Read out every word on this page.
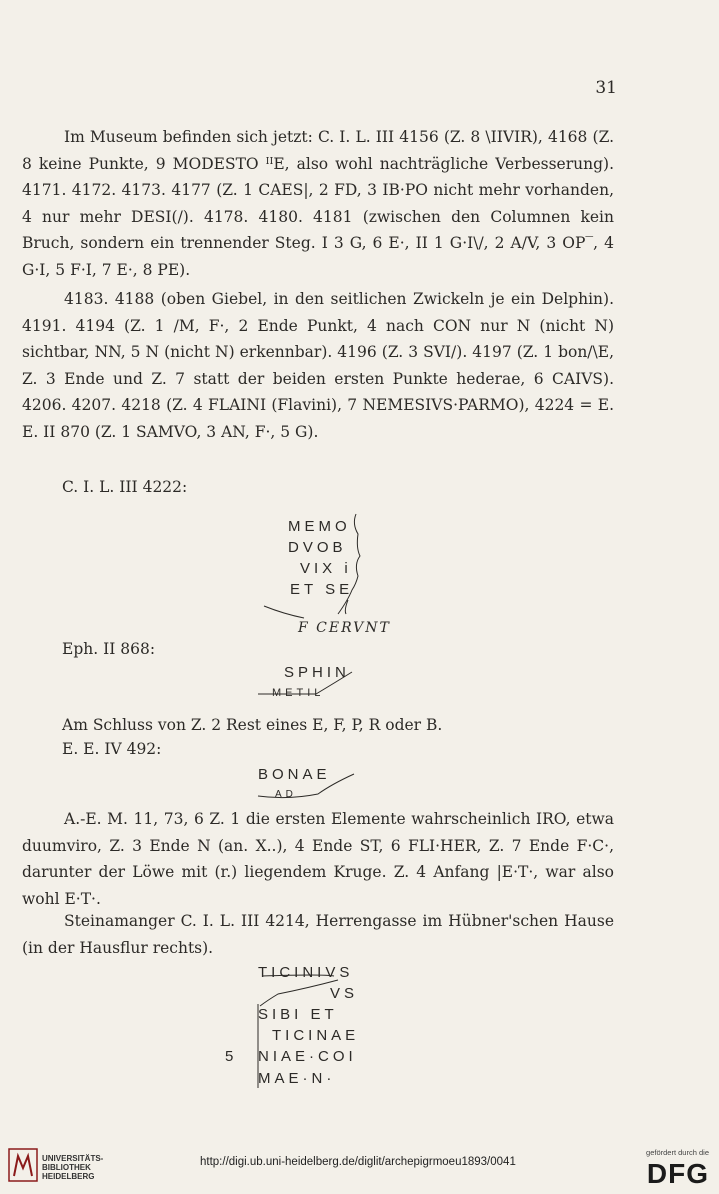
31
Im Museum befinden sich jetzt: C. I. L. III 4156 (Z. 8 \IIVIR), 4168 (Z. 8 keine Punkte, 9 MODESTO ᴵᴵE, also wohl nachträgliche Verbesserung). 4171. 4172. 4173. 4177 (Z. 1 CAES|, 2 FD, 3 IB·PO nicht mehr vorhanden, 4 nur mehr DESI(/). 4178. 4180. 4181 (zwischen den Columnen kein Bruch, sondern ein trennender Steg. I 3 G, 6 E·, II 1 G·I\/, 2 A/V, 3 OP‾, 4 G·I, 5 F·I, 7 E·, 8 PE).
4183. 4188 (oben Giebel, in den seitlichen Zwickeln je ein Delphin). 4191. 4194 (Z. 1 /M, F·, 2 Ende Punkt, 4 nach CON nur N (nicht N) sichtbar, NN, 5 N (nicht N) erkennbar). 4196 (Z. 3 SVI/). 4197 (Z. 1 bon/\E, Z. 3 Ende und Z. 7 statt der beiden ersten Punkte hederae, 6 CAIVS). 4206. 4207. 4218 (Z. 4 FLAINI (Flavini), 7 NEMESIVS·PARMO), 4224 = E. E. II 870 (Z. 1 SAMVO, 3 AN, F·, 5 G).
C. I. L. III 4222:
MEMO
DVOB
VIX i
ET SE
F CERVNT
Eph. II 868:
SPHIN
METIL
Am Schluss von Z. 2 Rest eines E, F, P, R oder B.
E. E. IV 492:
BONAE
AD
A.-E. M. 11, 73, 6 Z. 1 die ersten Elemente wahrscheinlich IRO, etwa duumviro, Z. 3 Ende N (an. X..), 4 Ende ST, 6 FLI·HER, Z. 7 Ende F·C·, darunter der Löwe mit (r.) liegendem Kruge. Z. 4 Anfang |E·T·, war also wohl E·T·.
Steinamanger C. I. L. III 4214, Herrengasse im Hübner'schen Hause (in der Hausflur rechts).
TICINIVS
VS
SIBI ET
TICINAE
NIAE·COI
MAE·N·
5
UNIVERSITÄTS-
BIBLIOTHEK
HEIDELBERG
http://digi.ub.uni-heidelberg.de/diglit/archepigrmoeu1893/0041
gefördert durch die
DFG
